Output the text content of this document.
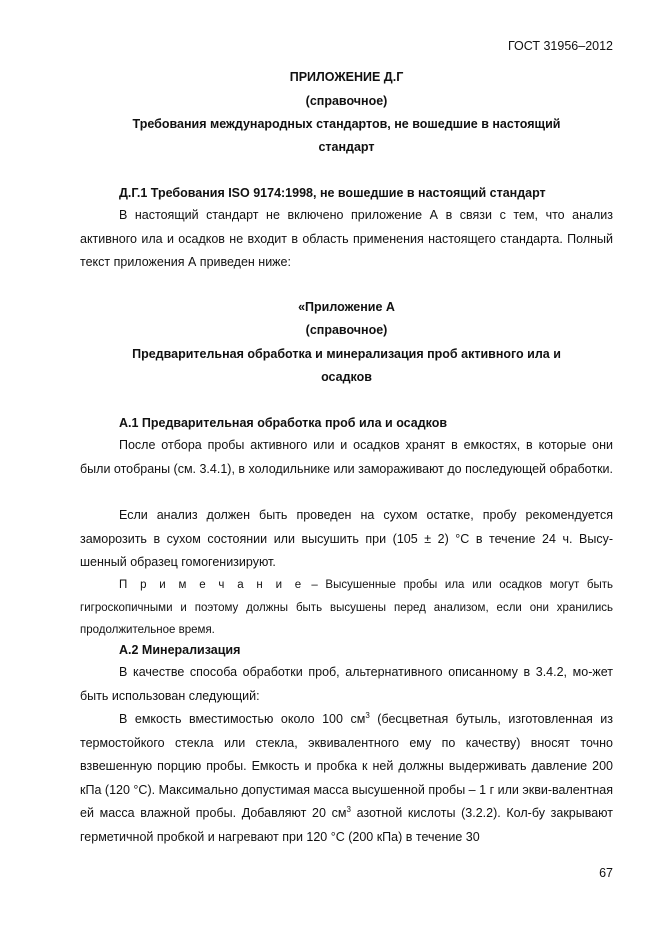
ГОСТ 31956–2012
ПРИЛОЖЕНИЕ Д.Г
(справочное)
Требования международных стандартов, не вошедшие в настоящий
стандарт
Д.Г.1 Требования ISO 9174:1998, не вошедшие в настоящий стандарт

В настоящий стандарт не включено приложение А в связи с тем, что анализ активного ила и осадков не входит в область применения настоящего стандарта. Полный текст приложения А приведен ниже:

«Приложение А
(справочное)
Предварительная обработка и минерализация проб активного ила и
осадков
А.1 Предварительная обработка проб ила и осадков

После отбора пробы активного или и осадков хранят в емкостях, в которые они были отобраны (см. 3.4.1), в холодильнике или замораживают до последующей обработки.

Если анализ должен быть проведен на сухом остатке, пробу рекомендуется заморозить в сухом состоянии или высушить при (105 ± 2) °С в течение 24 ч. Высу-шенный образец гомогенизируют.

П р и м е ч а н и е – Высушенные пробы ила или осадков могут быть гигроскопичными и поэтому должны быть высушены перед анализом, если они хранились продолжительное время.

А.2 Минерализация

В качестве способа обработки проб, альтернативного описанному в 3.4.2, мо-жет быть использован следующий:

В емкость вместимостью около 100 $см^3$ (бесцветная бутыль, изготовленная из термостойкого стекла или стекла, эквивалентного ему по качеству) вносят точно взвешенную порцию пробы. Емкость и пробка к ней должны выдерживать давление 200 кПа (120 °С). Максимально допустимая масса высушенной пробы – 1 г или экви-валентная ей масса влажной пробы. Добавляют 20 $см^3$ азотной кислоты (3.2.2). Кол-бу закрывают герметичной пробкой и нагревают при 120 °С (200 кПа) в течение 30

67
